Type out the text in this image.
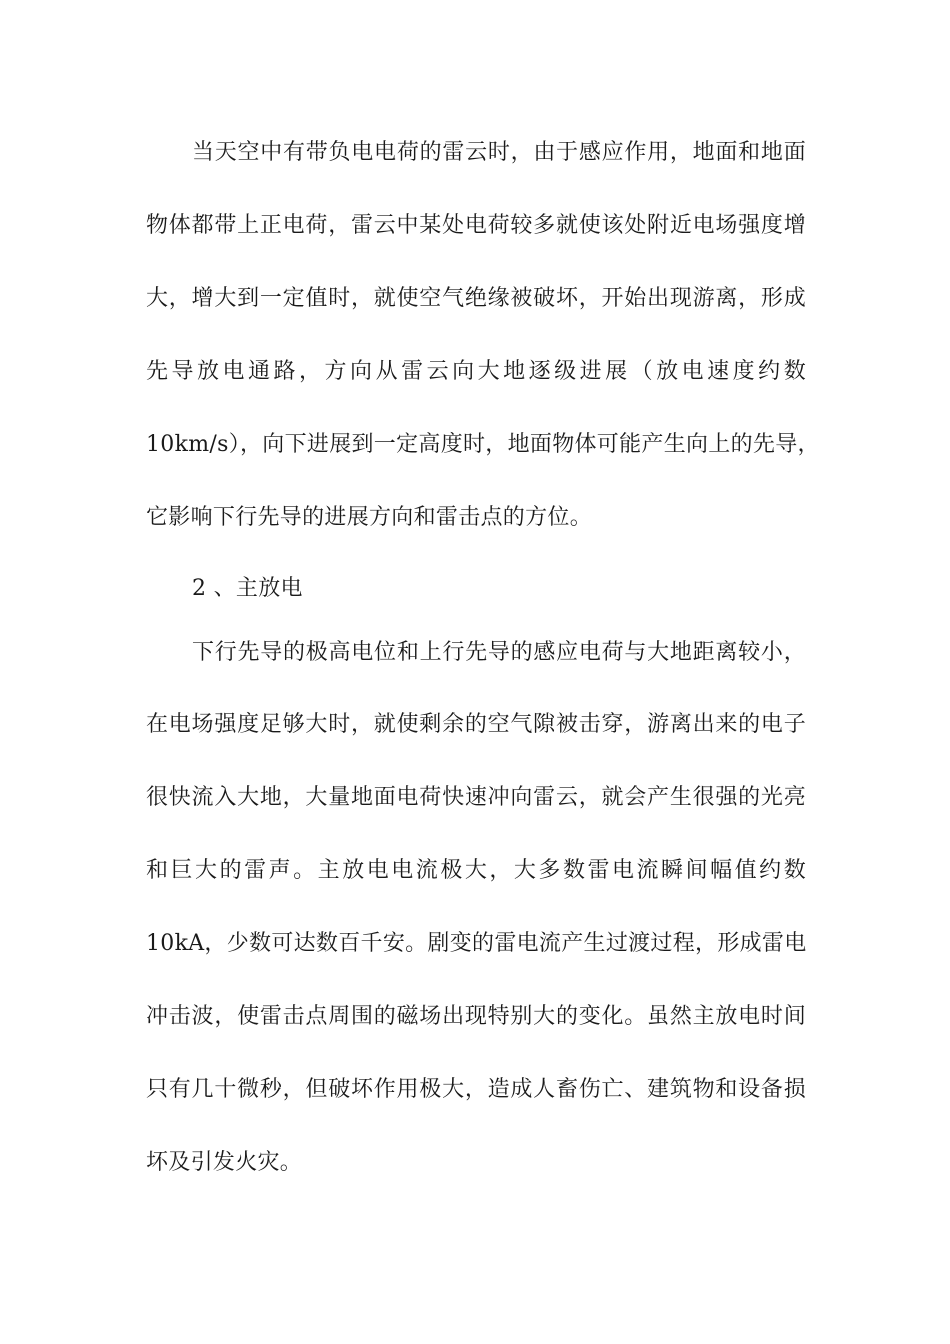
当天空中有带负电电荷的雷云时，由于感应作用，地面和地面
物体都带上正电荷，雷云中某处电荷较多就使该处附近电场强度增
大，增大到一定值时，就使空气绝缘被破坏，开始出现游离，形成
先导放电通路，方向从雷云向大地逐级进展（放电速度约数
10km/s），向下进展到一定高度时，地面物体可能产生向上的先导，
它影响下行先导的进展方向和雷击点的方位。
2 、主放电
下行先导的极高电位和上行先导的感应电荷与大地距离较小，
在电场强度足够大时，就使剩余的空气隙被击穿，游离出来的电子
很快流入大地，大量地面电荷快速冲向雷云，就会产生很强的光亮
和巨大的雷声。主放电电流极大，大多数雷电流瞬间幅值约数
10kA，少数可达数百千安。剧变的雷电流产生过渡过程，形成雷电
冲击波，使雷击点周围的磁场出现特别大的变化。虽然主放电时间
只有几十微秒，但破坏作用极大，造成人畜伤亡、建筑物和设备损
坏及引发火灾。
